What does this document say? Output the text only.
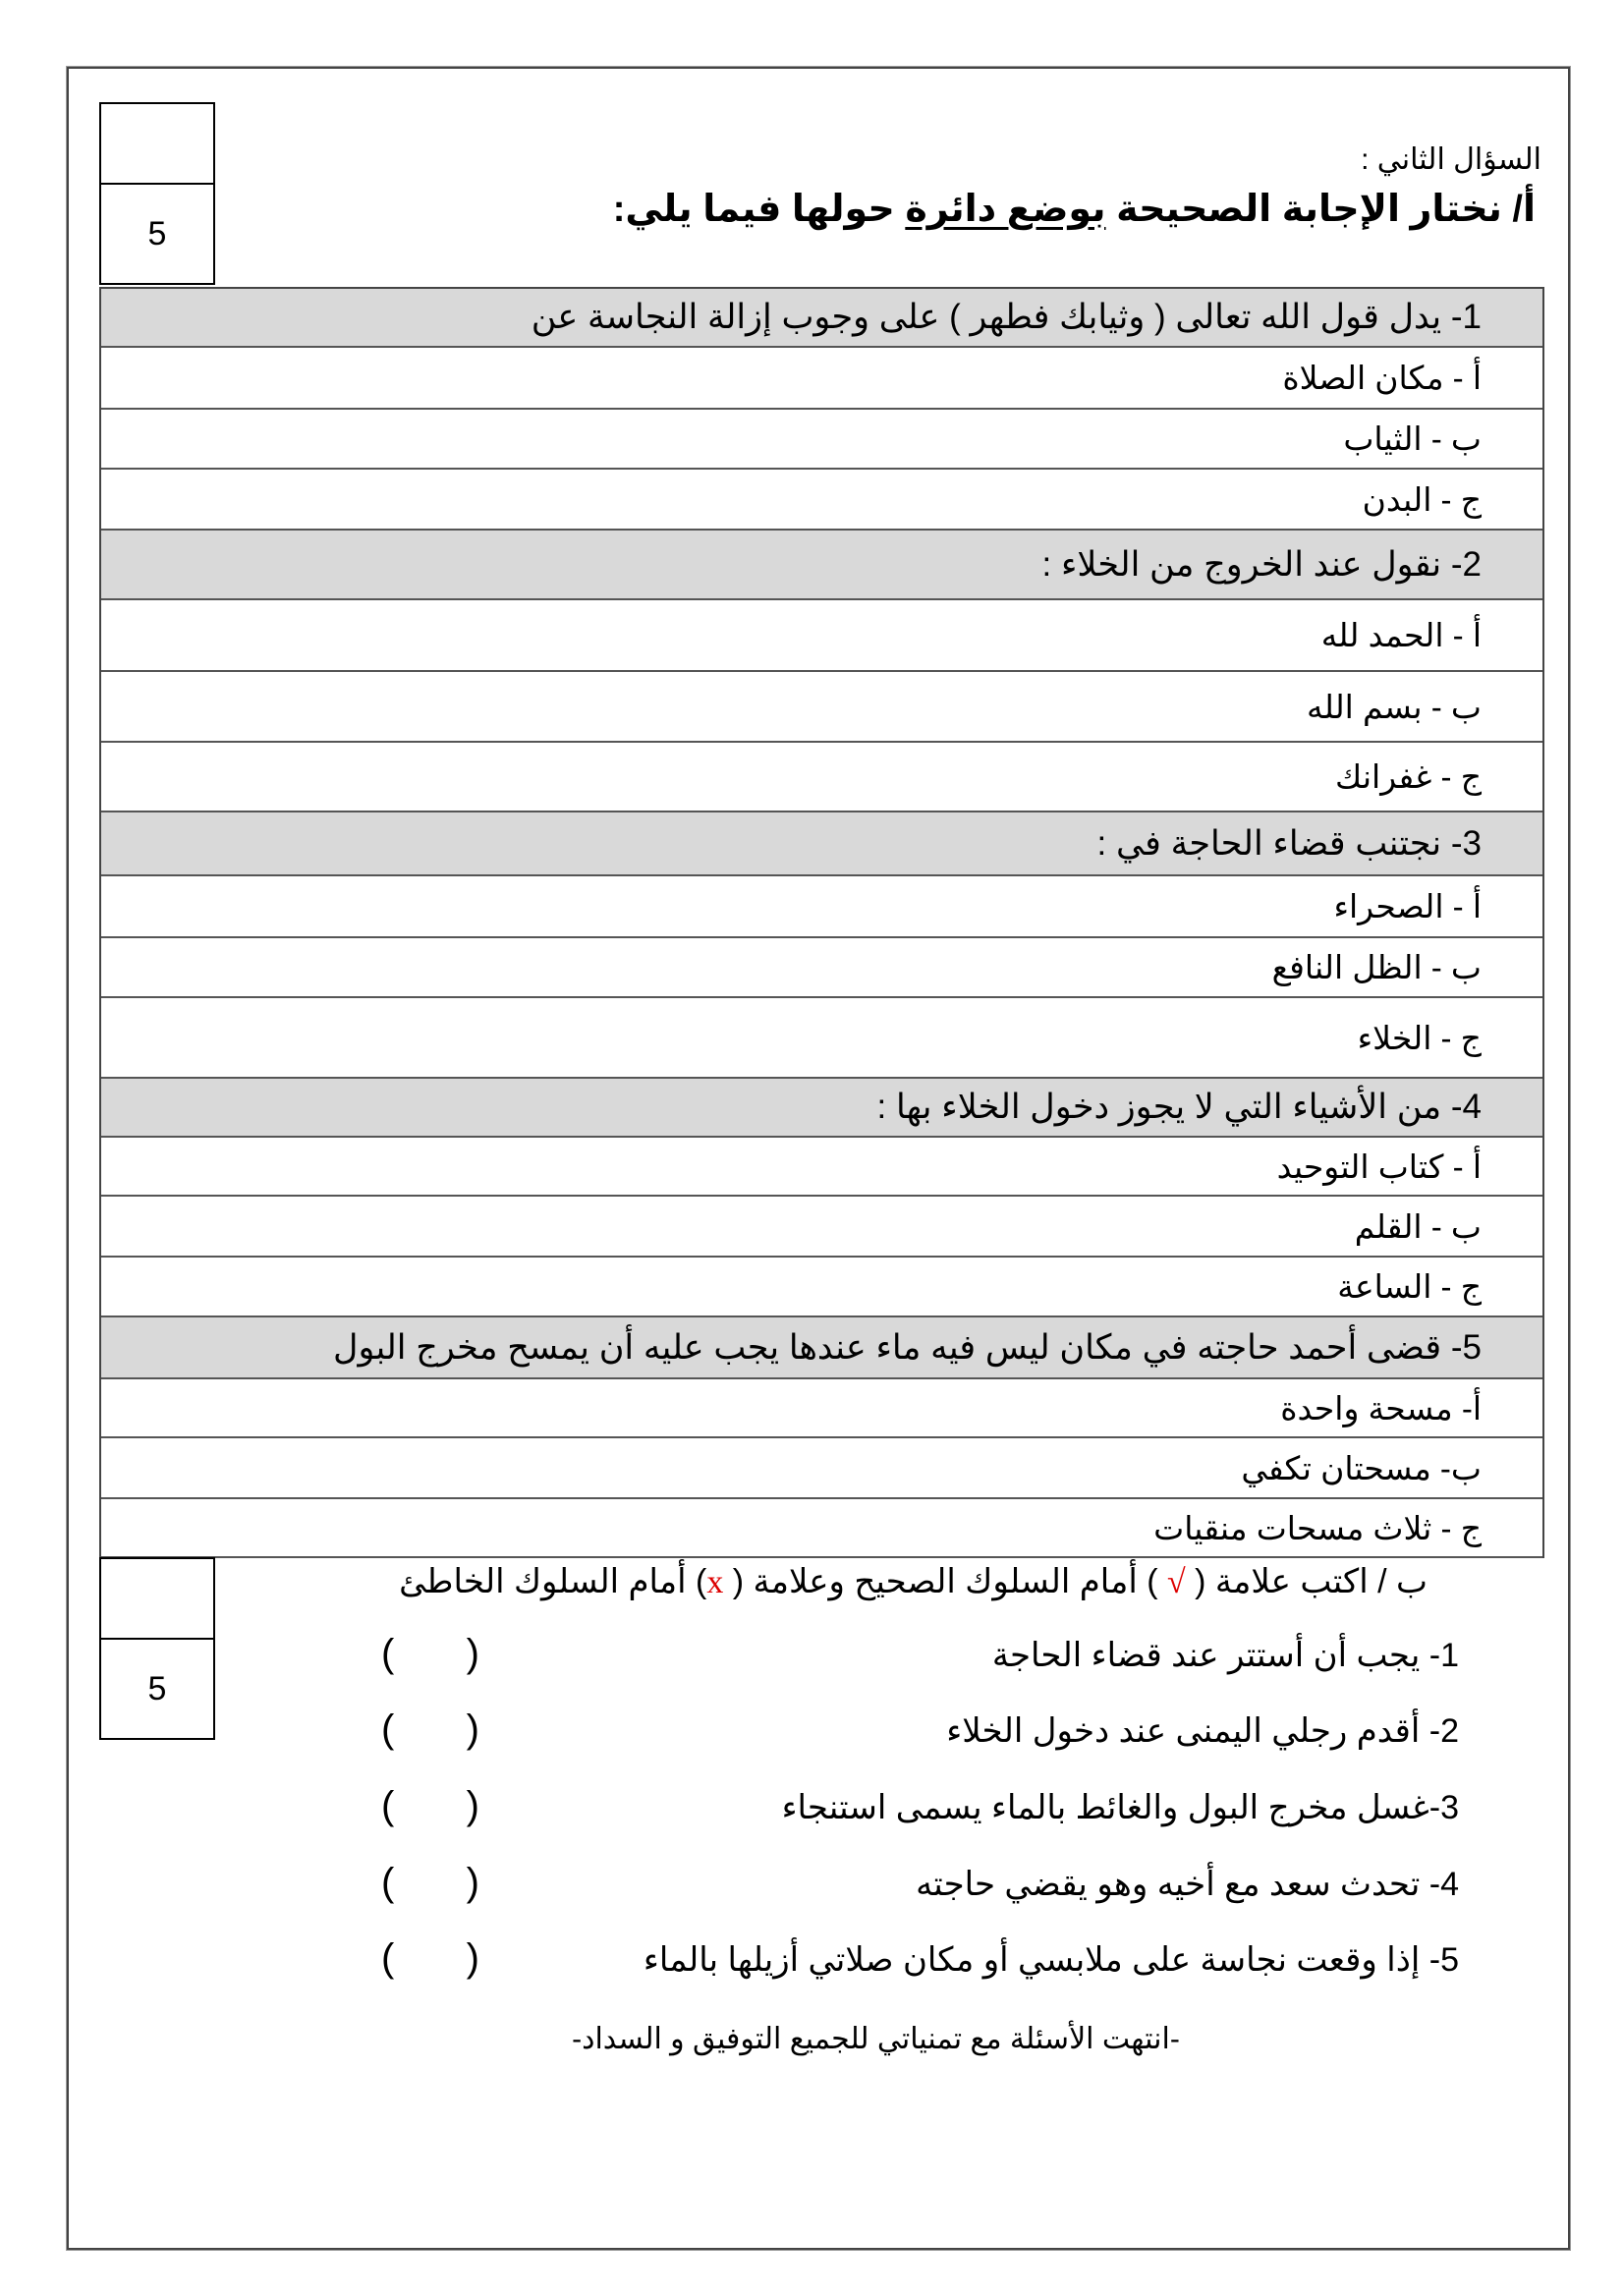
5
السؤال الثاني :
أ/ نختار الإجابة الصحيحة بوضع دائرة حولها فيما يلي:
1- يدل قول الله تعالى ( وثيابك فطهر ) على وجوب إزالة النجاسة عن
أ - مكان الصلاة
ب - الثياب
ج - البدن
2- نقول عند الخروج من الخلاء :
أ - الحمد لله
ب - بسم الله
ج - غفرانك
3- نجتنب قضاء الحاجة في :
أ - الصحراء
ب - الظل النافع
ج - الخلاء
4- من الأشياء التي لا يجوز دخول الخلاء بها :
أ - كتاب التوحيد
ب - القلم
ج - الساعة
5- قضى أحمد حاجته في مكان ليس فيه ماء عندها يجب عليه أن يمسح مخرج البول
أ- مسحة واحدة
ب- مسحتان تكفي
ج - ثلاث مسحات منقيات
5
ب / اكتب علامة ( √ ) أمام السلوك الصحيح وعلامة ( x) أمام السلوك الخاطئ
1- يجب أن أستتر عند قضاء الحاجة
( )
2- أقدم رجلي اليمنى عند دخول الخلاء
( )
3-غسل مخرج البول والغائط بالماء يسمى استنجاء
( )
4- تحدث سعد مع أخيه وهو يقضي حاجته
( )
5- إذا وقعت نجاسة على ملابسي أو مكان صلاتي أزيلها بالماء
( )
-انتهت الأسئلة مع تمنياتي للجميع التوفيق و السداد-
